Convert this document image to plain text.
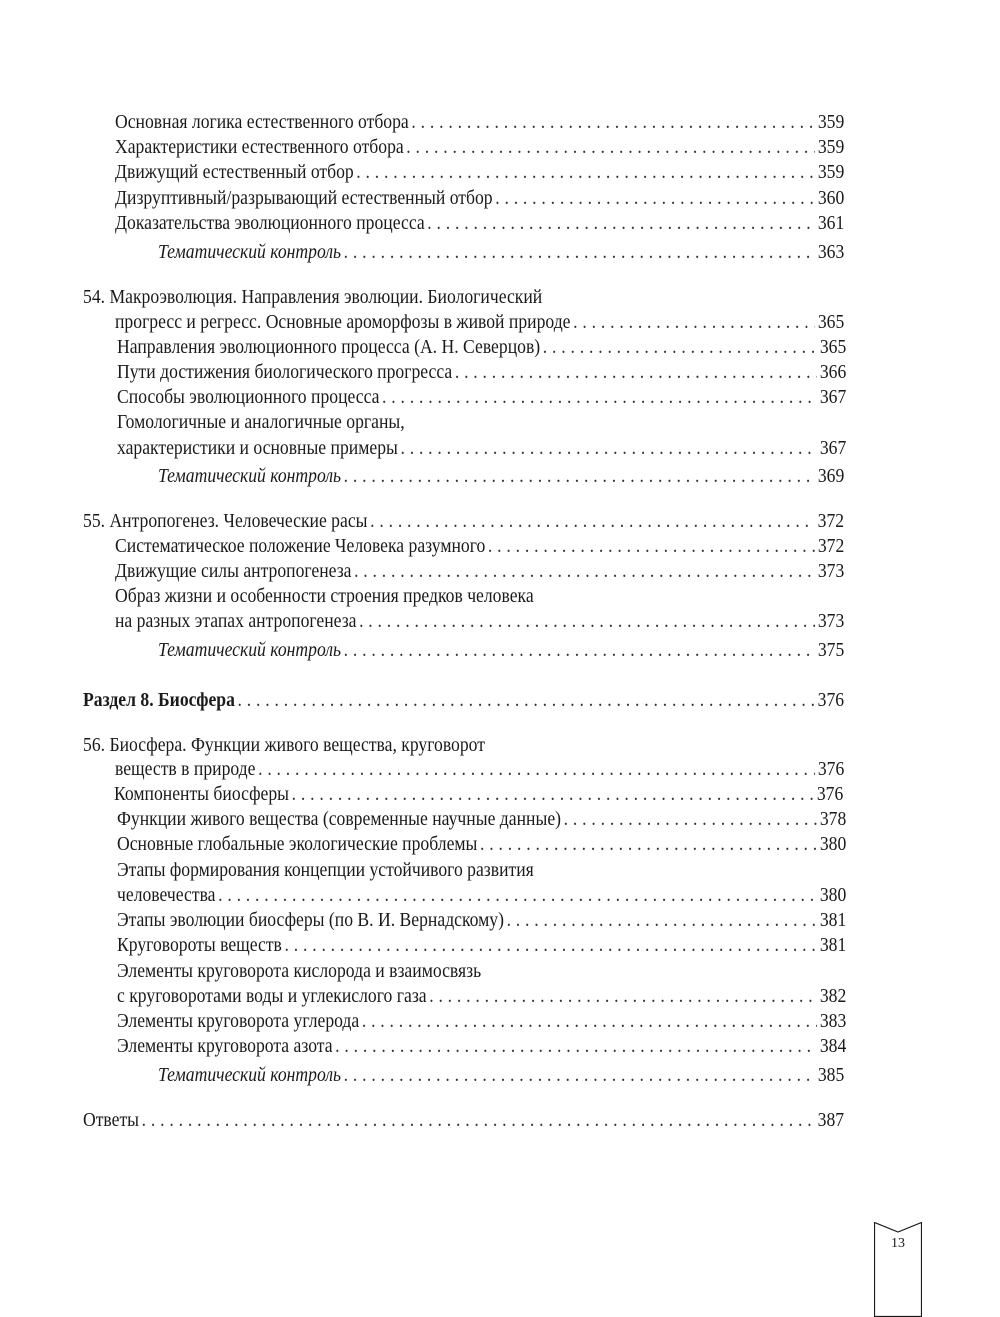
Основная логика естественного отбора . . .	359
Характеристики естественного отбора . . .	359
Движущий естественный отбор . . .	359
Дизруптивный/разрывающий естественный отбор . . .	360
Доказательства эволюционного процесса . . .	361
Тематический контроль . . .	363
54. Макроэволюция. Направления эволюции. Биологический
прогресс и регресс. Основные ароморфозы в живой природе . . .	365
Направления эволюционного процесса (А. Н. Северцов) . . .	365
Пути достижения биологического прогресса . . .	366
Способы эволюционного процесса . . .	367
Гомологичные и аналогичные органы,
характеристики и основные примеры . . .	367
Тематический контроль . . .	369
55. Антропогенез. Человеческие расы . . .	372
Систематическое положение Человека разумного . . .	372
Движущие силы антропогенеза . . .	373
Образ жизни и особенности строения предков человека
на разных этапах антропогенеза . . .	373
Тематический контроль . . .	375
Раздел 8. Биосфера . . .	376
56. Биосфера. Функции живого вещества, круговорот
веществ в природе . . .	376
Компоненты биосферы . . .	376
Функции живого вещества (современные научные данные) . . .	378
Основные глобальные экологические проблемы . . .	380
Этапы формирования концепции устойчивого развития
человечества . . .	380
Этапы эволюции биосферы (по В. И. Вернадскому) . . .	381
Круговороты веществ . . .	381
Элементы круговорота кислорода и взаимосвязь
с круговоротами воды и углекислого газа . . .	382
Элементы круговорота углерода . . .	383
Элементы круговорота азота . . .	384
Тематический контроль . . .	385
Ответы . . .	387
13
